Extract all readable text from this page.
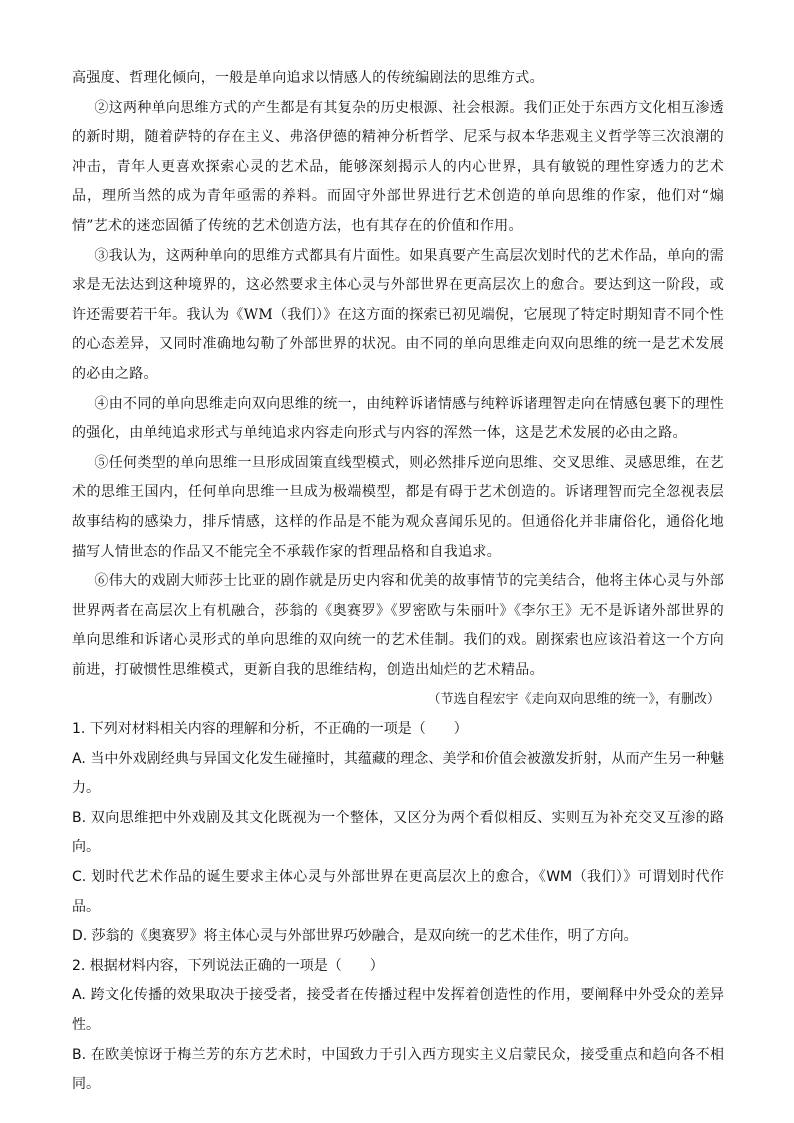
高强度、哲理化倾向，一般是单向追求以情感人的传统编剧法的思维方式。

②这两种单向思维方式的产生都是有其复杂的历史根源、社会根源。我们正处于东西方文化相互渗透的新时期，随着萨特的存在主义、弗洛伊德的精神分析哲学、尼采与叔本华悲观主义哲学等三次浪潮的冲击，青年人更喜欢探索心灵的艺术品，能够深刻揭示人的内心世界，具有敏锐的理性穿透力的艺术品，理所当然的成为青年亟需的养料。而固守外部世界进行艺术创造的单向思维的作家，他们对“煽情”艺术的迷恋固循了传统的艺术创造方法，也有其存在的价值和作用。

③我认为，这两种单向的思维方式都具有片面性。如果真要产生高层次划时代的艺术作品，单向的需求是无法达到这种境界的，这必然要求主体心灵与外部世界在更高层次上的愈合。要达到这一阶段，或许还需要若干年。我认为《WM（我们）》在这方面的探索已初见端倪，它展现了特定时期知青不同个性的心态差异，又同时准确地勾勒了外部世界的状况。由不同的单向思维走向双向思维的统一是艺术发展的必由之路。

④由不同的单向思维走向双向思维的统一，由纯粹诉诸情感与纯粹诉诸理智走向在情感包裹下的理性的强化，由单纯追求形式与单纯追求内容走向形式与内容的浑然一体，这是艺术发展的必由之路。

⑤任何类型的单向思维一旦形成固策直线型模式，则必然排斥逆向思维、交叉思维、灵感思维，在艺术的思维王国内，任何单向思维一旦成为极端模型，都是有碍于艺术创造的。诉诸理智而完全忽视表层故事结构的感染力，排斥情感，这样的作品是不能为观众喜闻乐见的。但通俗化并非庸俗化，通俗化地描写人情世态的作品又不能完全不承载作家的哲理品格和自我追求。

⑥伟大的戏剧大师莎士比亚的剧作就是历史内容和优美的故事情节的完美结合，他将主体心灵与外部世界两者在高层次上有机融合，莎翁的《奥赛罗》《罗密欧与朱丽叶》《李尔王》无不是诉诸外部世界的单向思维和诉诸心灵形式的单向思维的双向统一的艺术佳制。我们的戏。剧探索也应该沿着这一个方向前进，打破惯性思维模式，更新自我的思维结构，创造出灿烂的艺术精品。

（节选自程宏宇《走向双向思维的统一》，有删改）

1. 下列对材料相关内容的理解和分析，不正确的一项是（　　）

A. 当中外戏剧经典与异国文化发生碰撞时，其蕴藏的理念、美学和价值会被激发折射，从而产生另一种魅力。

B. 双向思维把中外戏剧及其文化既视为一个整体，又区分为两个看似相反、实则互为补充交叉互渗的路向。

C. 划时代艺术作品的诞生要求主体心灵与外部世界在更高层次上的愈合，《WM（我们）》可谓划时代作品。

D. 莎翁的《奥赛罗》将主体心灵与外部世界巧妙融合，是双向统一的艺术佳作，明了方向。

2. 根据材料内容，下列说法正确的一项是（　　）

A. 跨文化传播的效果取决于接受者，接受者在传播过程中发挥着创造性的作用，要阐释中外受众的差异性。

B. 在欧美惊讶于梅兰芳的东方艺术时，中国致力于引入西方现实主义启蒙民众，接受重点和趋向各不相同。
